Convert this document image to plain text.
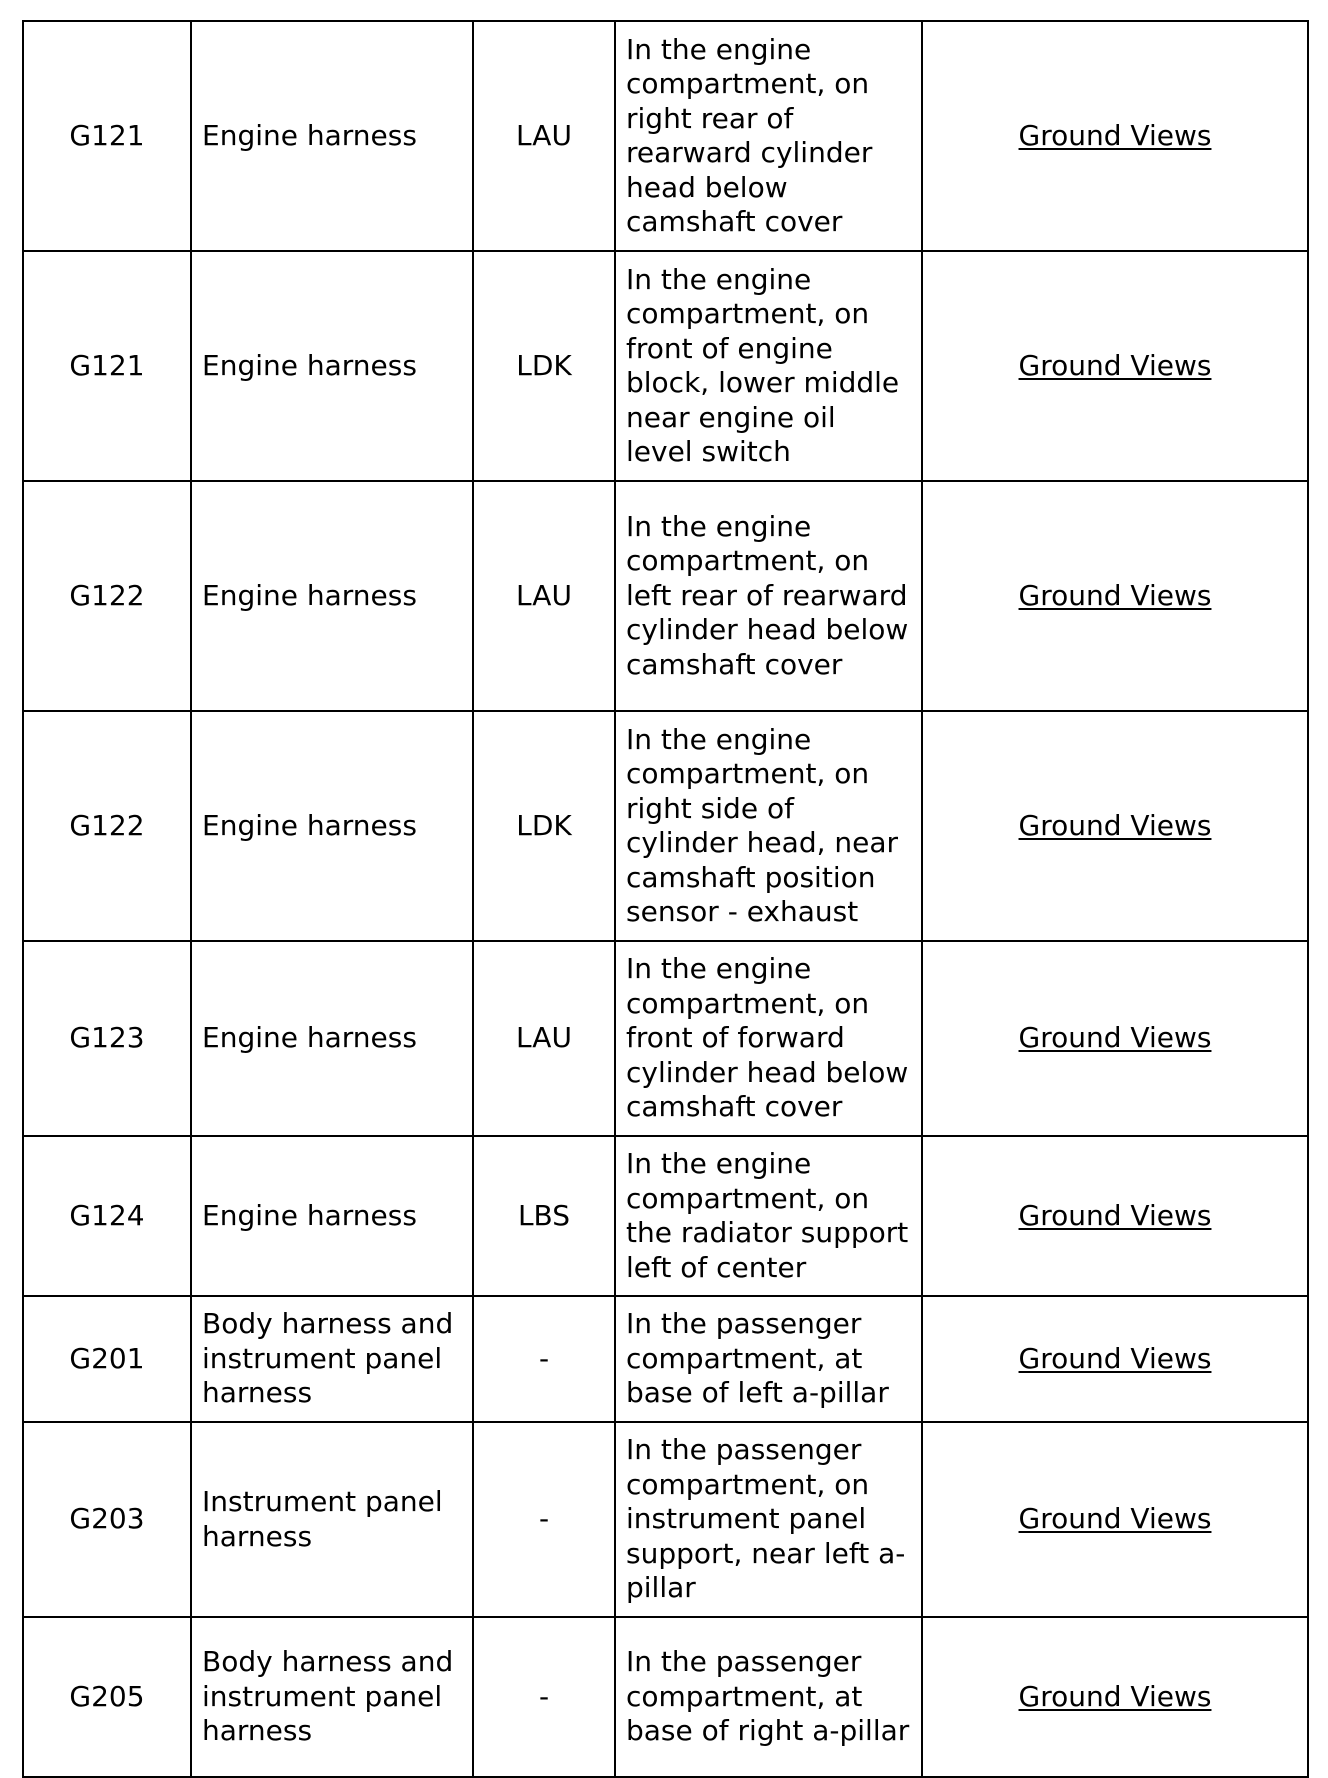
G121	Engine harness	LAU	In the engine compartment, on right rear of rearward cylinder head below camshaft cover	Ground Views
G121	Engine harness	LDK	In the engine compartment, on front of engine block, lower middle near engine oil level switch	Ground Views
G122	Engine harness	LAU	In the engine compartment, on left rear of rearward cylinder head below camshaft cover	Ground Views
G122	Engine harness	LDK	In the engine compartment, on right side of cylinder head, near camshaft position sensor - exhaust	Ground Views
G123	Engine harness	LAU	In the engine compartment, on front of forward cylinder head below camshaft cover	Ground Views
G124	Engine harness	LBS	In the engine compartment, on the radiator support left of center	Ground Views
G201	Body harness and instrument panel harness	-	In the passenger compartment, at base of left a-pillar	Ground Views
G203	Instrument panel harness	-	In the passenger compartment, on instrument panel support, near left a-pillar	Ground Views
G205	Body harness and instrument panel harness	-	In the passenger compartment, at base of right a-pillar	Ground Views
